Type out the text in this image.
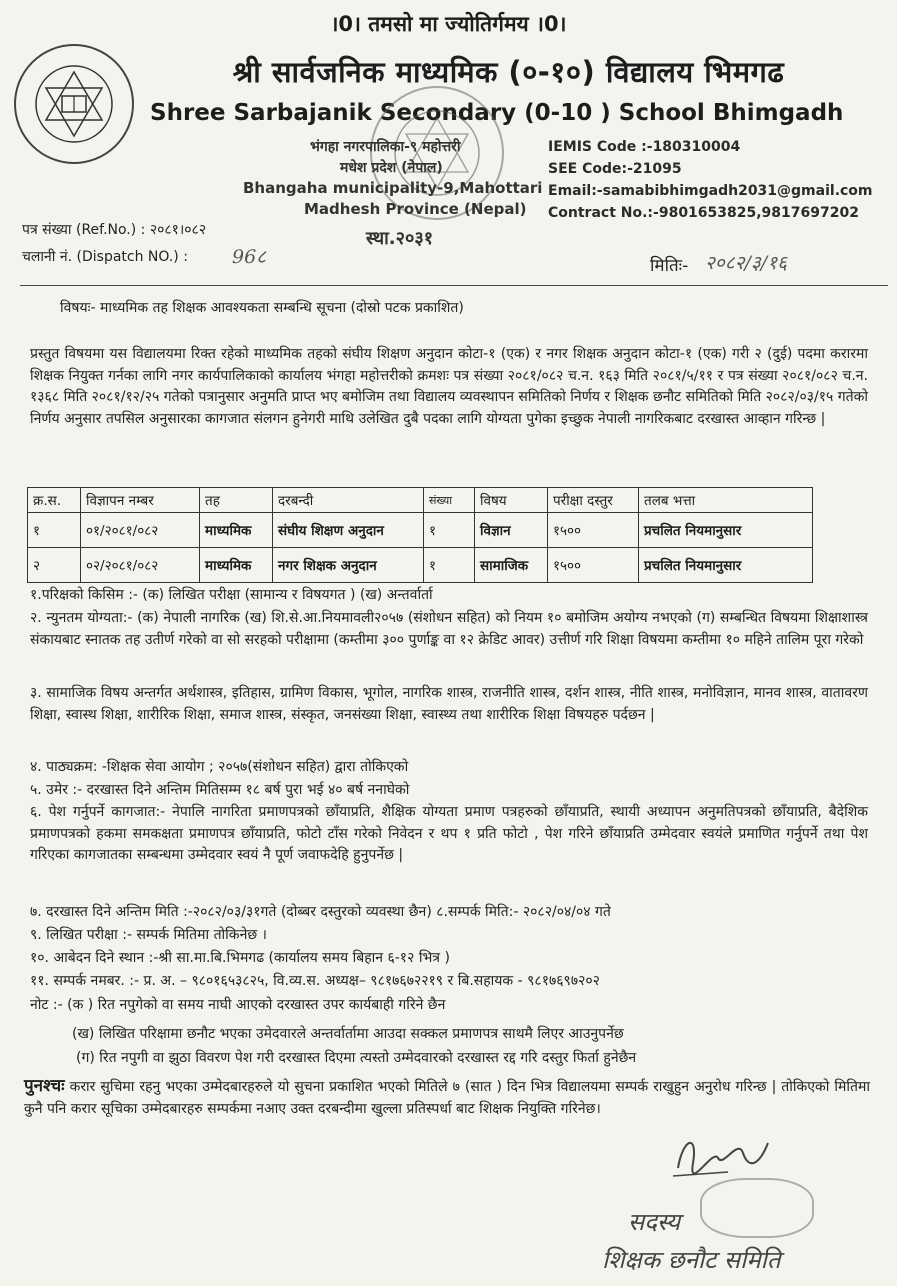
।0। तमसो मा ज्योतिर्गमय ।0।
श्री सार्वजनिक माध्यमिक (०-१०) विद्यालय भिमगढ
Shree Sarbajanik Secondary (0-10 ) School Bhimgadh
भंगहा नगरपालिका-९ महोत्तरी
मधेश प्रदेश (नेपाल)
Bhangaha municipality-9,Mahottari
Madhesh Province (Nepal)
स्था.२०३१
IEMIS Code :-180310004
SEE Code:-21095
Email:-samabibhimgadh2031@gmail.com
Contract No.:-9801653825,9817697202
पत्र संख्या (Ref.No.) : २०८१।०८२
चलानी नं. (Dispatch NO.) : 96८	मितिः- २०८२/३/१६
विषयः- माध्यमिक तह शिक्षक आवश्यकता सम्बन्धि सूचना (दोस्रो पटक प्रकाशित)
प्रस्तुत विषयमा यस विद्यालयमा रिक्त रहेको माध्यमिक तहको संघीय शिक्षण अनुदान कोटा-१ (एक) र नगर शिक्षक अनुदान कोटा-१ (एक) गरी २ (दुई) पदमा करारमा शिक्षक नियुक्त गर्नका लागि नगर कार्यपालिकाको कार्यालय भंगहा महोत्तरीको क्रमशः पत्र संख्या २०८१/०८२ च.न. १६३ मिति २०८१/५/११ र पत्र संख्या २०८१/०८२ च.न. १३६८ मिति २०८१/१२/२५ गतेको पत्रानुसार अनुमति प्राप्त भए बमोजिम तथा विद्यालय व्यवस्थापन समितिको निर्णय र शिक्षक छनौट समितिको मिति २०८२/०३/१५ गतेको निर्णय अनुसार तपसिल अनुसारका कागजात संलगन हुनेगरी माथि उलेखित दुबै पदका लागि योग्यता पुगेका इच्छुक नेपाली नागरिकबाट दरखास्त आव्हान गरिन्छ |
क्र.स.	विज्ञापन नम्बर	तह	दरबन्दी	संख्या	विषय	परीक्षा दस्तुर	तलब भत्ता
१	०१/२०८१/०८२	माध्यमिक	संघीय शिक्षण अनुदान	१	विज्ञान	१५००	प्रचलित नियमानुसार
२	०२/२०८१/०८२	माध्यमिक	नगर शिक्षक अनुदान	१	सामाजिक	१५००	प्रचलित नियमानुसार
१.परिक्षको किसिम :- (क) लिखित परीक्षा (सामान्य र विषयगत ) (ख) अन्तर्वार्ता
२. न्युनतम योग्यता:- (क) नेपाली नागरिक (ख) शि.से.आ.नियमावली२०५७ (संशोधन सहित) को नियम १० बमोजिम अयोग्य नभएको (ग) सम्बन्धित विषयमा शिक्षाशास्त्र संकायबाट स्नातक तह उतीर्ण गरेको वा सो सरहको परीक्षामा (कम्तीमा ३०० पुर्णाङ्क वा १२ क्रेडिट आवर) उत्तीर्ण गरि शिक्षा विषयमा कम्तीमा १० महिने तालिम पूरा गरेको
३. सामाजिक विषय अन्तर्गत अर्थशास्त्र, इतिहास, ग्रामिण विकास, भूगोल, नागरिक शास्त्र, राजनीति शास्त्र, दर्शन शास्त्र, नीति शास्त्र, मनोविज्ञान, मानव शास्त्र, वातावरण शिक्षा, स्वास्थ शिक्षा, शारीरिक शिक्षा, समाज शास्त्र, संस्कृत, जनसंख्या शिक्षा, स्वास्थ्य तथा शारीरिक शिक्षा विषयहरु पर्दछन |
४. पाठ्यक्रम: -शिक्षक सेवा आयोग ; २०५७(संशोधन सहित) द्वारा तोकिएको
५. उमेर :- दरखास्त दिने अन्तिम मितिसम्म १८ बर्ष पुरा भई ४० बर्ष ननाघेको
६. पेश गर्नुपर्ने कागजात:- नेपालि नागरिता प्रमाणपत्रको छाँयाप्रति, शैक्षिक योग्यता प्रमाण पत्रहरुको छाँयाप्रति, स्थायी अध्यापन अनुमतिपत्रको छाँयाप्रति, बैदेशिक प्रमाणपत्रको हकमा समकक्षता प्रमाणपत्र छाँयाप्रति, फोटो टाँस गरेको निवेदन र थप १ प्रति फोटो , पेश गरिने छाँयाप्रति उम्मेदवार स्वयंले प्रमाणित गर्नुपर्ने तथा पेश गरिएका कागजातका सम्बन्धमा उम्मेदवार स्वयं नै पूर्ण जवाफदेहि हुनुपर्नेछ |
७. दरखास्त दिने अन्तिम मिति :-२०८२/०३/३१गते (दोब्बर दस्तुरको व्यवस्था छैन) ८.सम्पर्क मिति:- २०८२/०४/०४ गते
९. लिखित परीक्षा :- सम्पर्क मितिमा तोकिनेछ ।
१०. आबेदन दिने स्थान :-श्री सा.मा.बि.भिमगढ (कार्यालय समय बिहान ६-१२ भित्र )
११. सम्पर्क नमबर. :- प्र. अ. – ९८०१६५३८२५, वि.व्य.स. अध्यक्ष– ९८१७६७२२१९ र बि.सहायक - ९८१७६९७२०२
नोट :- (क ) रित नपुगेको वा समय नाघी आएको दरखास्त उपर कार्यबाही गरिने छैन
(ख) लिखित परिक्षामा छनौट भएका उमेदवारले अन्तर्वार्तामा आउदा सक्कल प्रमाणपत्र साथमै लिएर आउनुपर्नेछ
(ग) रित नपुगी वा झुठा विवरण पेश गरी दरखास्त दिएमा त्यस्तो उम्मेदवारको दरखास्त रद्द गरि दस्तुर फिर्ता हुनेछैन
पुनश्चः करार सुचिमा रहनु भएका उम्मेदबारहरुले यो सुचना प्रकाशित भएको मितिले ७ (सात ) दिन भित्र विद्यालयमा सम्पर्क राखुहुन अनुरोध गरिन्छ | तोकिएको मितिमा कुनै पनि करार सूचिका उम्मेदबारहरु सम्पर्कमा नआए उक्त दरबन्दीमा खुल्ला प्रतिस्पर्धा बाट शिक्षक नियुक्ति गरिनेछ।
सदस्य
शिक्षक छनौट समिति
